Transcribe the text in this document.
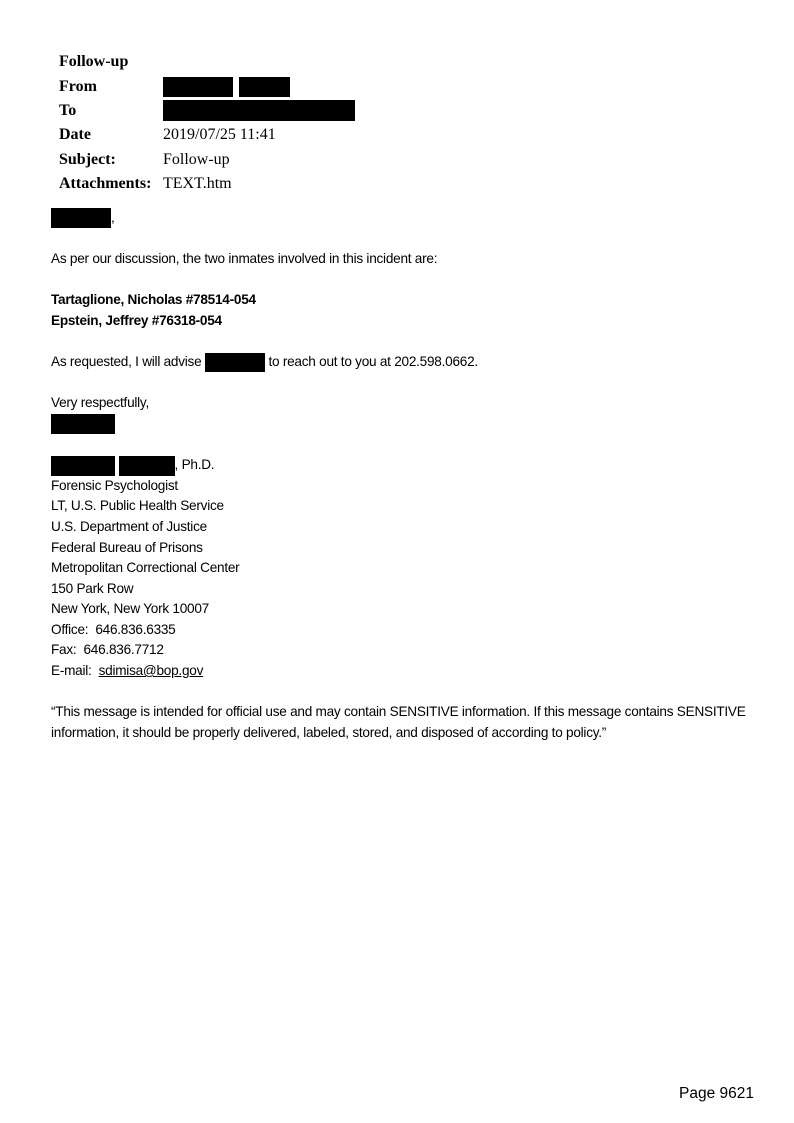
Follow-up	
From	
To	
Date	2019/07/25 11:41
Subject:	Follow-up
Attachments:	TEXT.htm

,

As per our discussion, the two inmates involved in this incident are:

Tartaglione, Nicholas #78514-054

Epstein, Jeffrey #76318-054

As requested, I will advise	to reach out to you at 202.598.0662.

Very respectfully,

, Ph.D.

Forensic Psychologist

LT, U.S. Public Health Service

U.S. Department of Justice

Federal Bureau of Prisons

Metropolitan Correctional Center

150 Park Row

New York, New York 10007

Office:  646.836.6335

Fax:  646.836.7712

E-mail: sdimisa@bop.gov

“This message is intended for official use and may contain SENSITIVE information. If this message contains SENSITIVE information, it should be properly delivered, labeled, stored, and disposed of according to policy.”

Page 9621
